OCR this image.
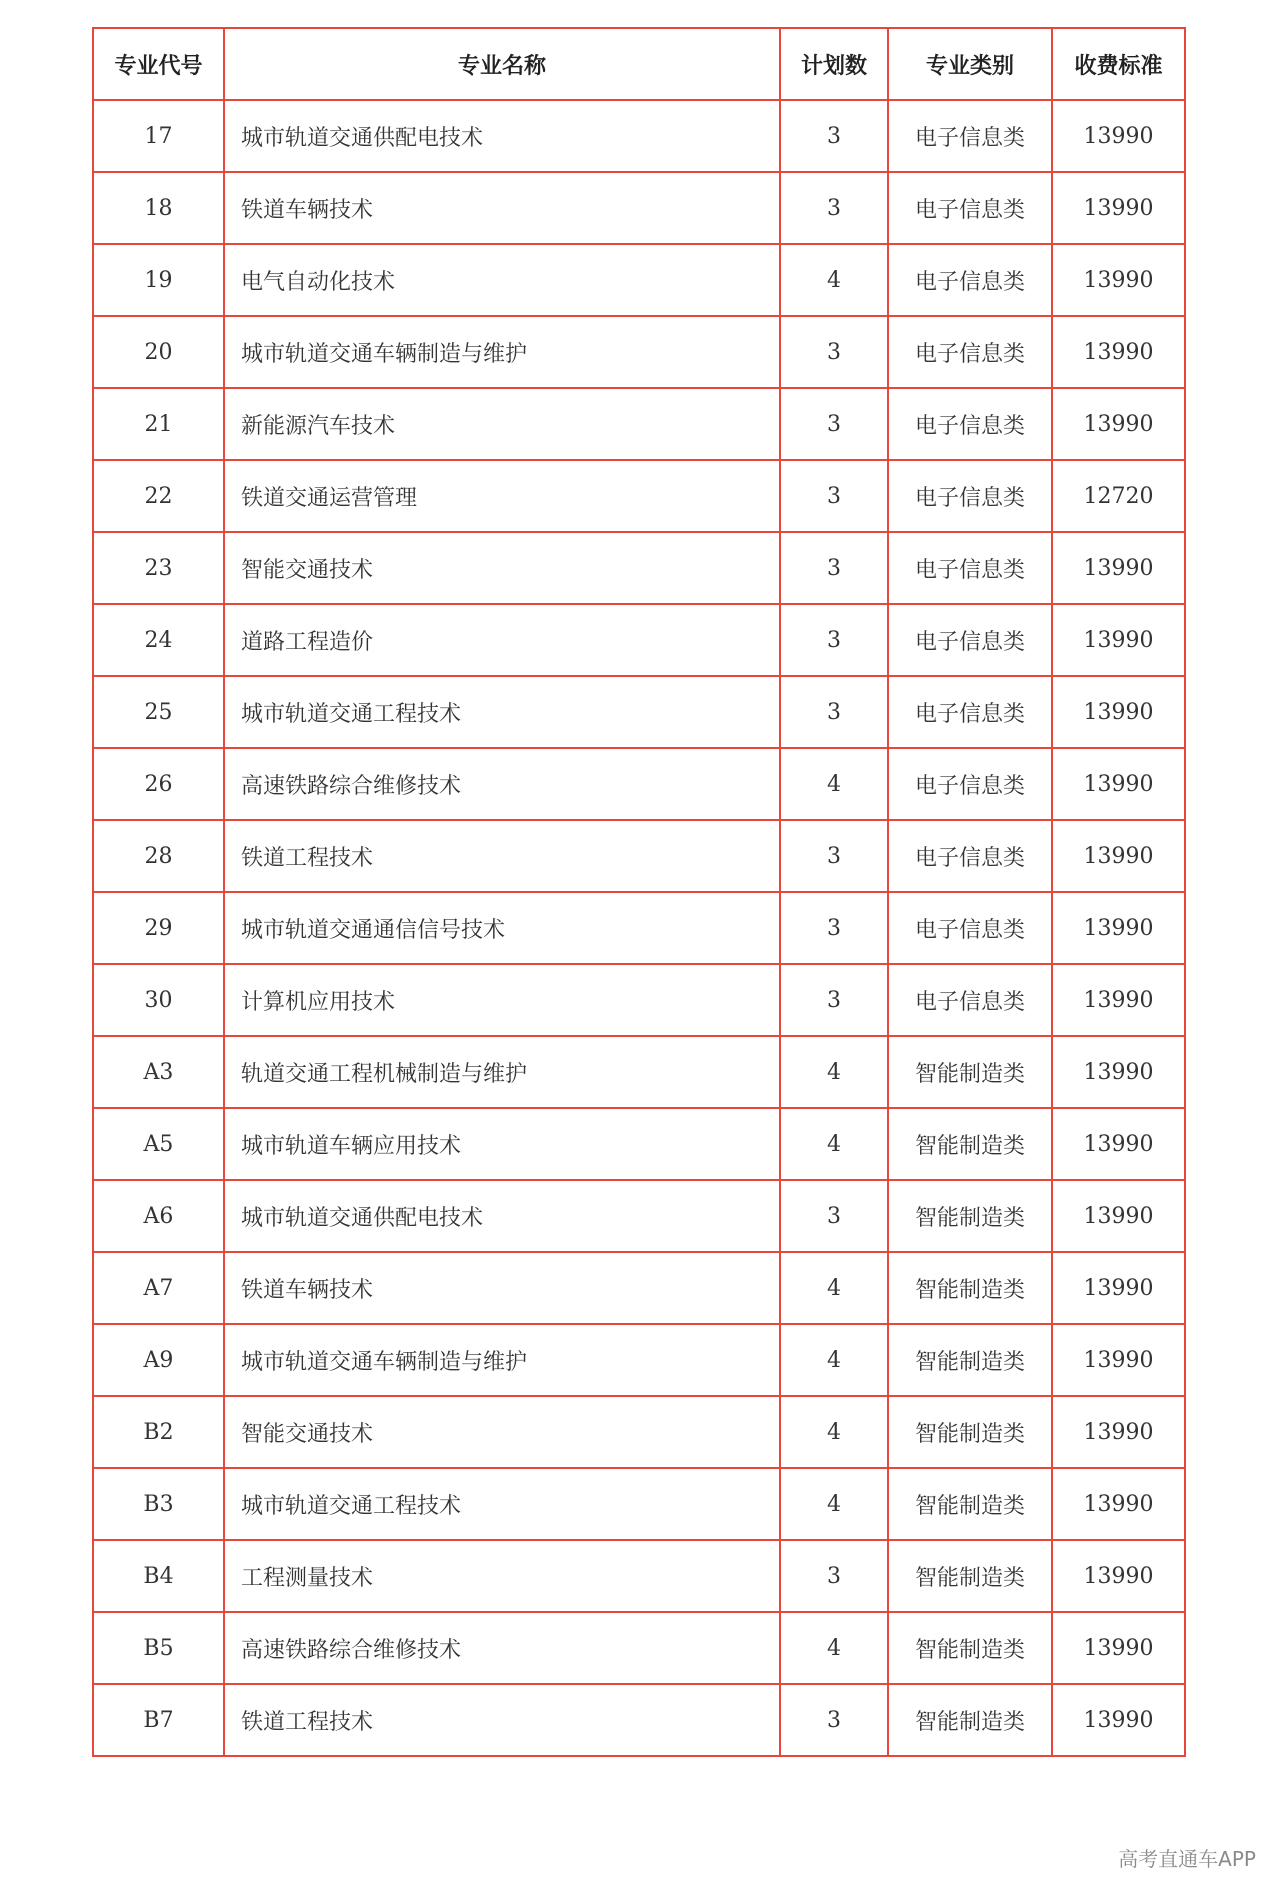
专业代号	专业名称	计划数	专业类别	收费标准
17	城市轨道交通供配电技术	3	电子信息类	13990
18	铁道车辆技术	3	电子信息类	13990
19	电气自动化技术	4	电子信息类	13990
20	城市轨道交通车辆制造与维护	3	电子信息类	13990
21	新能源汽车技术	3	电子信息类	13990
22	铁道交通运营管理	3	电子信息类	12720
23	智能交通技术	3	电子信息类	13990
24	道路工程造价	3	电子信息类	13990
25	城市轨道交通工程技术	3	电子信息类	13990
26	高速铁路综合维修技术	4	电子信息类	13990
28	铁道工程技术	3	电子信息类	13990
29	城市轨道交通通信信号技术	3	电子信息类	13990
30	计算机应用技术	3	电子信息类	13990
A3	轨道交通工程机械制造与维护	4	智能制造类	13990
A5	城市轨道车辆应用技术	4	智能制造类	13990
A6	城市轨道交通供配电技术	3	智能制造类	13990
A7	铁道车辆技术	4	智能制造类	13990
A9	城市轨道交通车辆制造与维护	4	智能制造类	13990
B2	智能交通技术	4	智能制造类	13990
B3	城市轨道交通工程技术	4	智能制造类	13990
B4	工程测量技术	3	智能制造类	13990
B5	高速铁路综合维修技术	4	智能制造类	13990
B7	铁道工程技术	3	智能制造类	13990
高考直通车APP
